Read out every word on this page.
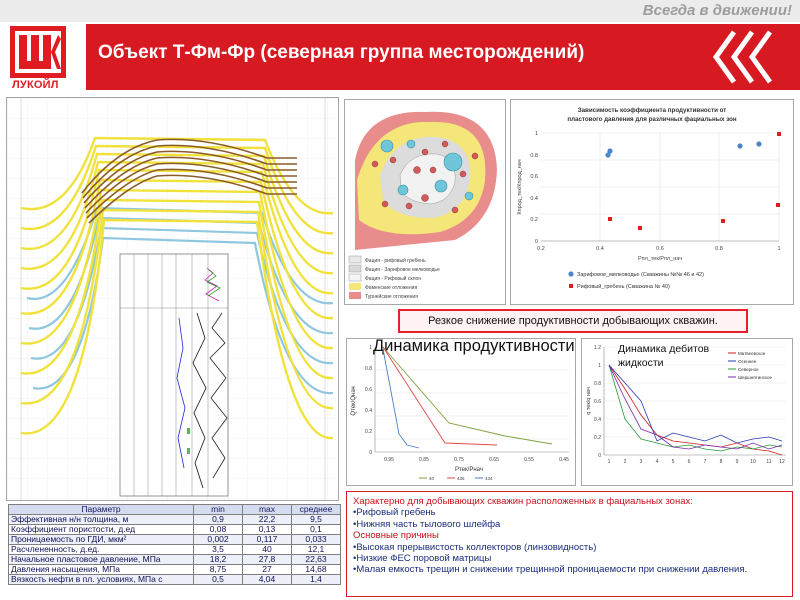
Всегда в движении!
ЛУКОЙЛ
Объект Т-Фм-Фр (северная группа месторождений)
Фация - рифовый гребень
Фация - Зарифовое мелководье
Фация - Рифовый склон
Фаменские отложения
Турнейские отложения
Зависимость коэффициента продуктивности от
пластового давления для различных фациальных зон
0
0.2
0.4
0.6
0.8
1
0.2	0.4	0.6	0.8	1
Рпл_тек/Рпл_нач
Кпрод_тек/Кпрод_нач
Зарифовое_мелководье (Скважины №№ 46 и 42)
Рифовый_гребень (Скважина № 40)
Резкое снижение продуктивности добывающих скважин.
Динамика продуктивности
0
0.2
0.4
0.6
0.8
1
0.95	0.85	0.75	0.65	0.55	0.45
Ртек/Рнач
Qтек/Qнач
40	436	434
Динамика дебитов
жидкости
0
0.2
0.4
0.6
0.8
1
1.2
1	2	3	4	5	6	7	8	9 10 11 12
q тек/q нач
Матвеевское
Осеннее
Северное
Шершнятинское
Параметр	min	max	среднее
Эффективная н/н толщина, м	0,9	22,2	9,5
Коэффициент пористости, д.ед	0,08	0,13	0,1
Проницаемость по ГДИ, мкм²	0,002	0,117	0,033
Расчлененность, д.ед.	3,5	40	12,1
Начальное пластовое давление, МПа	18,2	27,8	22,63
Давления насыщения, МПа	8,75	27	14,68
Вязкость нефти в пл. условиях, МПа с	0,5	4,04	1,4
Характерно для добывающих скважин расположенных в фациальных зонах:
•Рифовый гребень
•Нижняя часть тылового шлейфа
Основные причины
•Высокая прерывистость коллекторов (линзовидность)
•Низкие ФЕС поровой матрицы
•Малая емкость трещин и снижении трещинной проницаемости при снижении давления.
